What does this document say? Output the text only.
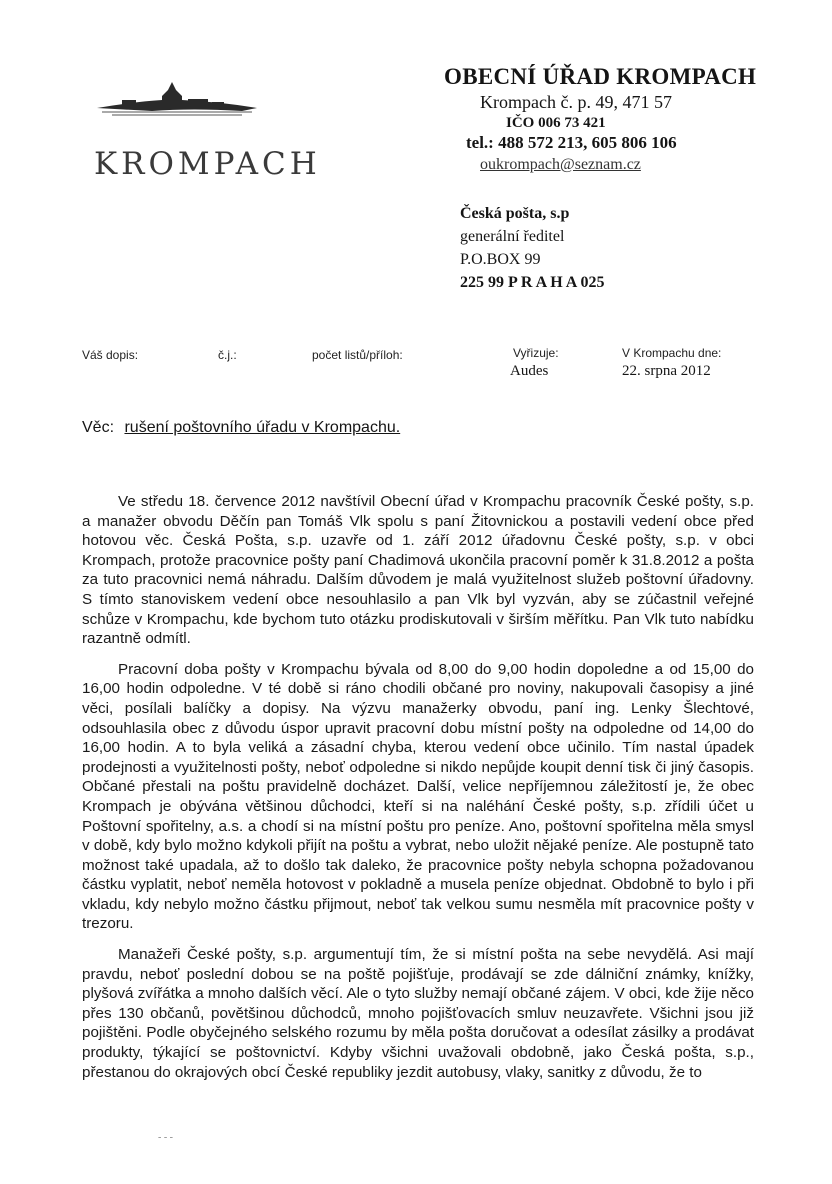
KROMPACH
OBECNÍ ÚŘAD KROMPACH
Krompach č. p. 49, 471 57
IČO 006 73 421
tel.: 488 572 213, 605 806 106
oukrompach@seznam.cz
Česká pošta, s.p
generální ředitel
P.O.BOX 99
225 99 P R A H A 025
Váš dopis:	č.j.:	počet listů/příloh:	Vyřizuje:
Audes
V Krompachu dne:
22. srpna 2012
Věc: rušení poštovního úřadu v Krompachu.

Ve středu 18. července 2012 navštívil Obecní úřad v Krompachu pracovník České pošty, s.p. a manažer obvodu Děčín pan Tomáš Vlk spolu s paní Žitovnickou a postavili vedení obce před hotovou věc. Česká Pošta, s.p. uzavře od 1. září 2012 úřadovnu České pošty, s.p. v obci Krompach, protože pracovnice pošty paní Chadimová ukončila pracovní poměr k 31.8.2012 a pošta za tuto pracovnici nemá náhradu. Dalším důvodem je malá využitelnost služeb poštovní úřadovny. S tímto stanoviskem vedení obce nesouhlasilo a pan Vlk byl vyzván, aby se zúčastnil veřejné schůze v Krompachu, kde bychom tuto otázku prodiskutovali v širším měřítku. Pan Vlk tuto nabídku razantně odmítl.

Pracovní doba pošty v Krompachu bývala od 8,00 do 9,00 hodin dopoledne a od 15,00 do 16,00 hodin odpoledne. V té době si ráno chodili občané pro noviny, nakupovali časopisy a jiné věci, posílali balíčky a dopisy. Na výzvu manažerky obvodu, paní ing. Lenky Šlechtové, odsouhlasila obec z důvodu úspor upravit pracovní dobu místní pošty na odpoledne od 14,00 do 16,00 hodin. A to byla veliká a zásadní chyba, kterou vedení obce učinilo. Tím nastal úpadek prodejnosti a využitelnosti pošty, neboť odpoledne si nikdo nepůjde koupit denní tisk či jiný časopis. Občané přestali na poštu pravidelně docházet. Další, velice nepříjemnou záležitostí je, že obec Krompach je obývána většinou důchodci, kteří si na naléhání České pošty, s.p. zřídili účet u Poštovní spořitelny, a.s. a chodí si na místní poštu pro peníze. Ano, poštovní spořitelna měla smysl v době, kdy bylo možno kdykoli přijít na poštu a vybrat, nebo uložit nějaké peníze. Ale postupně tato možnost také upadala, až to došlo tak daleko, že pracovnice pošty nebyla schopna požadovanou částku vyplatit, neboť neměla hotovost v pokladně a musela peníze objednat. Obdobně to bylo i při vkladu, kdy nebylo možno částku přijmout, neboť tak velkou sumu nesměla mít pracovnice pošty v trezoru.

Manažeři České pošty, s.p. argumentují tím, že si místní pošta na sebe nevydělá. Asi mají pravdu, neboť poslední dobou se na poště pojišťuje, prodávají se zde dálniční známky, knížky, plyšová zvířátka a mnoho dalších věcí. Ale o tyto služby nemají občané zájem. V obci, kde žije něco přes 130 občanů, povětšinou důchodců, mnoho pojišťovacích smluv neuzavřete. Všichni jsou již pojištěni. Podle obyčejného selského rozumu by měla pošta doručovat a odesílat zásilky a prodávat produkty, týkající se poštovnictví. Kdyby všichni uvažovali obdobně, jako Česká pošta, s.p., přestanou do okrajových obcí České republiky jezdit autobusy, vlaky, sanitky z důvodu, že to

- - -
